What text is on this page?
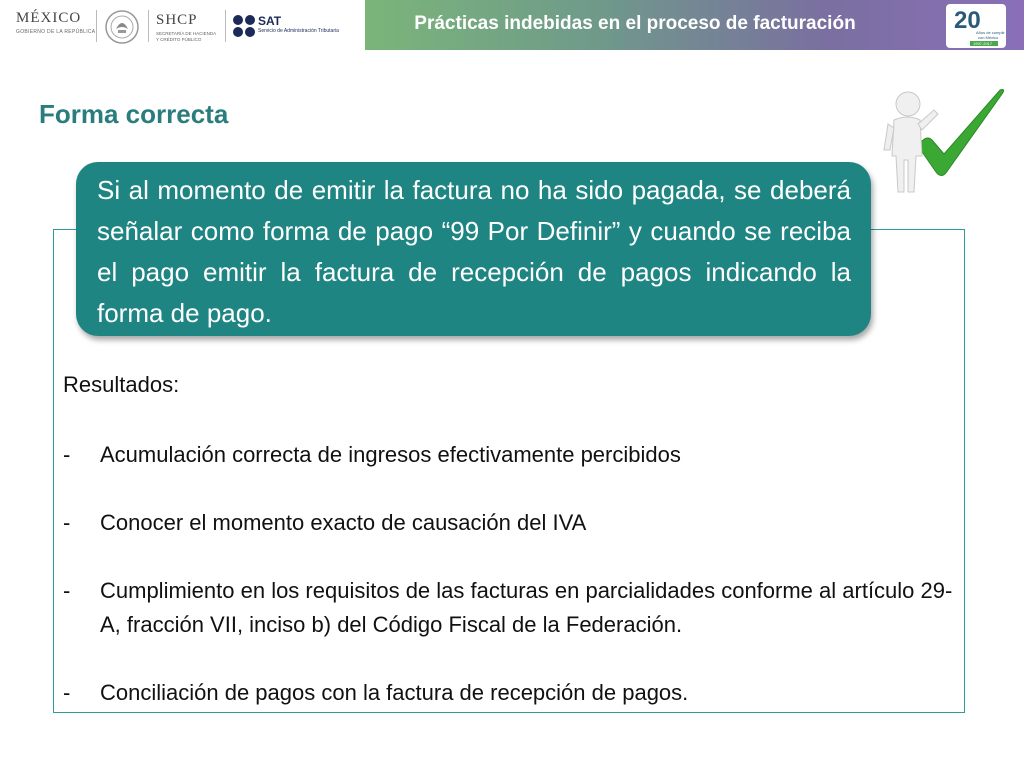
MÉXICO
GOBIERNO DE LA REPÚBLICA
SHCP
SECRETARÍA DE HACIENDA
Y CRÉDITO PÚBLICO
SAT
Servicio de Administración Tributaria	Prácticas indebidas en el proceso de facturación	20
Años de cumplir
con México
1997-2017
Forma correcta

Si al momento de emitir la factura no ha sido pagada, se deberá señalar como forma de pago “99 Por Definir” y cuando se reciba el pago emitir la factura de recepción de pagos indicando la forma de pago.

Resultados:
- Acumulación correcta de ingresos efectivamente percibidos
- Conocer el momento exacto de causación del IVA
- Cumplimiento en los requisitos de las facturas en parcialidades conforme al artículo 29-A, fracción VII, inciso b) del Código Fiscal de la Federación.
- Conciliación de pagos con la factura de recepción de pagos.
